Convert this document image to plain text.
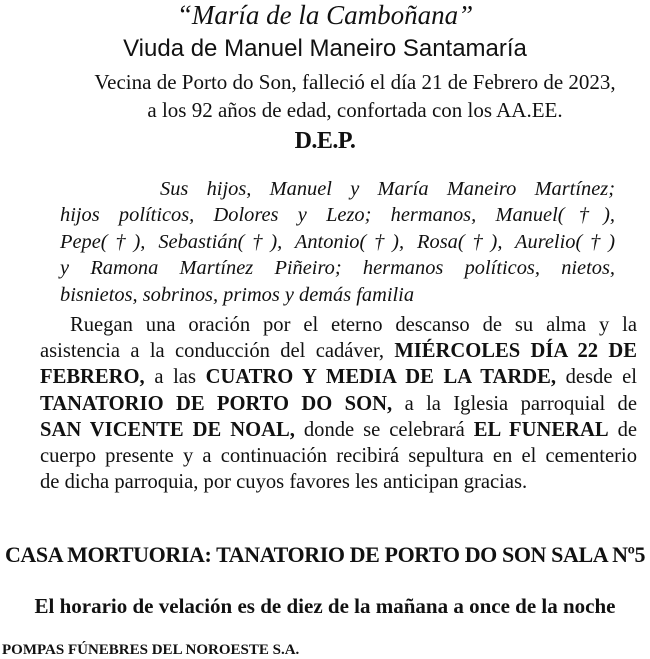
“María de la Camboñana”
Viuda de Manuel Maneiro Santamaría
Vecina de Porto do Son, falleció el día 21 de Febrero de 2023,
a los 92 años de edad, confortada con los AA.EE.
D.E.P.
Sus hijos, Manuel y María Maneiro Martínez;
hijos políticos, Dolores y Lezo; hermanos, Manuel(†),
Pepe(†), Sebastián(†), Antonio(†), Rosa(†), Aurelio(†)
y Ramona Martínez Piñeiro; hermanos políticos, nietos,
bisnietos, sobrinos, primos y demás familia
Ruegan una oración por el eterno descanso de su alma y la
asistencia a la conducción del cadáver, MIÉRCOLES DÍA 22 DE
FEBRERO, a las CUATRO Y MEDIA DE LA TARDE, desde el
TANATORIO DE PORTO DO SON, a la Iglesia parroquial de
SAN VICENTE DE NOAL, donde se celebrará EL FUNERAL de
cuerpo presente y a continuación recibirá sepultura en el cementerio
de dicha parroquia, por cuyos favores les anticipan gracias.
CASA MORTUORIA: TANATORIO DE PORTO DO SON SALA Nº5
El horario de velación es de diez de la mañana a once de la noche
POMPAS FÚNEBRES DEL NOROESTE S.A.
